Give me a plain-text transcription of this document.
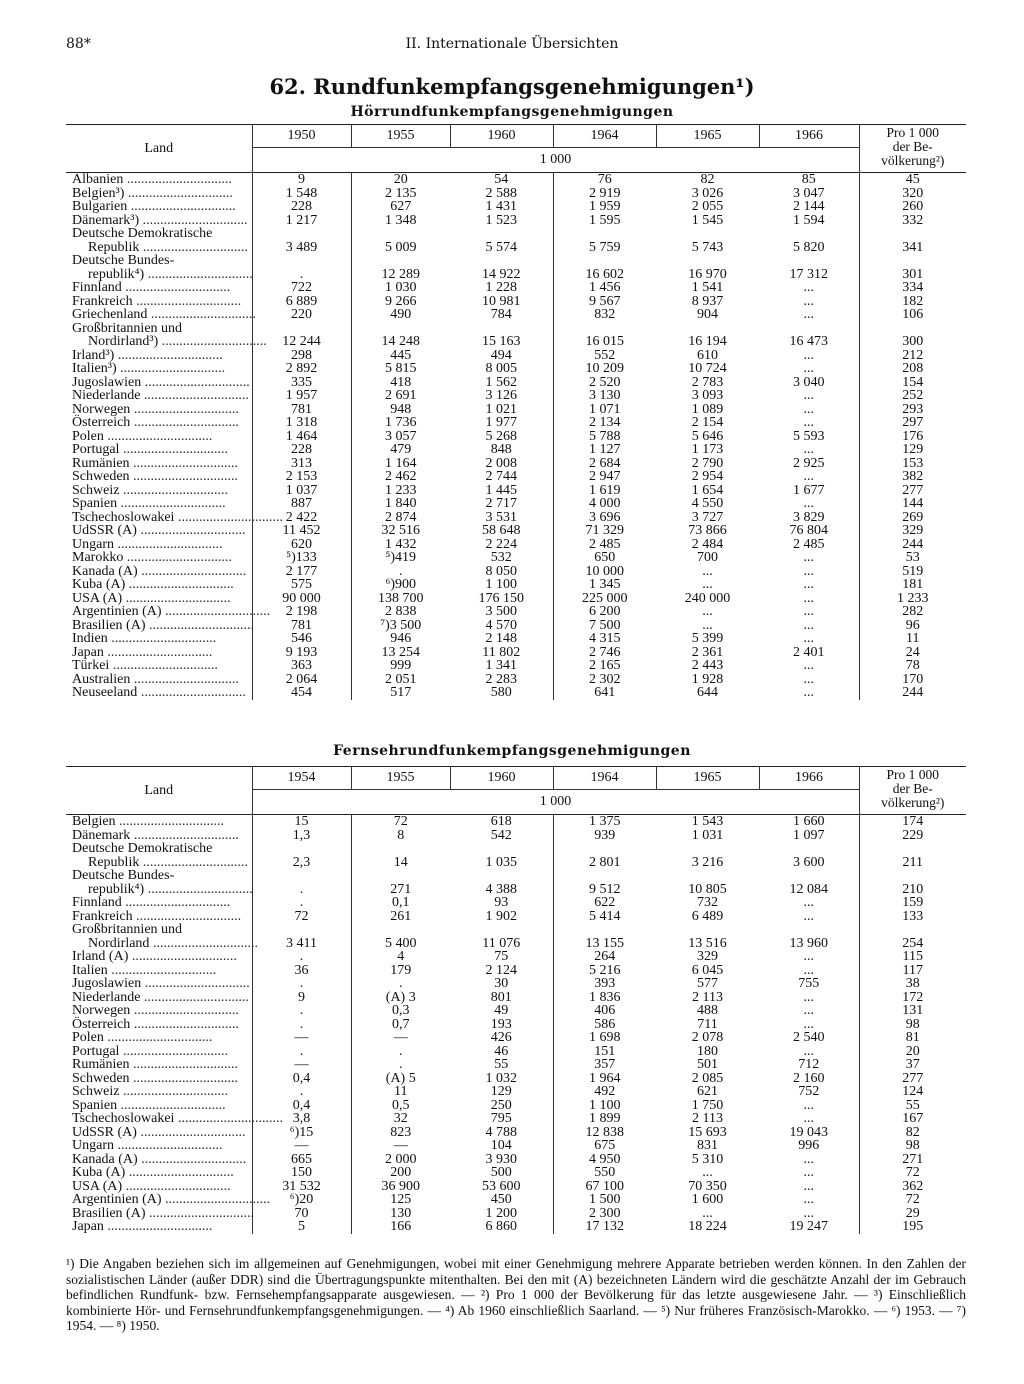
88*	II. Internationale Übersichten
62. Rundfunkempfangsgenehmigungen¹)
Hörrundfunkempfangsgenehmigungen
Land	1950	1955	1960	1964	1965	1966	Pro 1 000
der Be-
völkerung²)

	1 000						
Albanien ..............................	9	20	54	76	82	85	45
Belgien³) ..............................	1 548	2 135	2 588	2 919	3 026	3 047	320
Bulgarien ..............................	228	627	1 431	1 959	2 055	2 144	260
Dänemark³) ..............................	1 217	1 348	1 523	1 595	1 545	1 594	332
Deutsche Demokratische							
Republik ..............................	3 489	5 009	5 574	5 759	5 743	5 820	341
Deutsche Bundes-							
republik⁴) ..............................	.	12 289	14 922	16 602	16 970	17 312	301
Finnland ..............................	722	1 030	1 228	1 456	1 541	...	334
Frankreich ..............................	6 889	9 266	10 981	9 567	8 937	...	182
Griechenland ..............................	220	490	784	832	904	...	106
Großbritannien und							
Nordirland³) ..............................	12 244	14 248	15 163	16 015	16 194	16 473	300
Irland³) ..............................	298	445	494	552	610	...	212
Italien³) ..............................	2 892	5 815	8 005	10 209	10 724	...	208
Jugoslawien ..............................	335	418	1 562	2 520	2 783	3 040	154
Niederlande ..............................	1 957	2 691	3 126	3 130	3 093	...	252
Norwegen ..............................	781	948	1 021	1 071	1 089	...	293
Österreich ..............................	1 318	1 736	1 977	2 134	2 154	...	297
Polen ..............................	1 464	3 057	5 268	5 788	5 646	5 593	176
Portugal ..............................	228	479	848	1 127	1 173	...	129
Rumänien ..............................	313	1 164	2 008	2 684	2 790	2 925	153
Schweden ..............................	2 153	2 462	2 744	2 947	2 954	...	382
Schweiz ..............................	1 037	1 233	1 445	1 619	1 654	1 677	277
Spanien ..............................	887	1 840	2 717	4 000	4 550	...	144
Tschechoslowakei ..............................	2 422	2 874	3 531	3 696	3 727	3 829	269
UdSSR (A) ..............................	11 452	32 516	58 648	71 329	73 866	76 804	329
Ungarn ..............................	620	1 432	2 224	2 485	2 484	2 485	244
Marokko ..............................	⁵)133	⁵)419	532	650	700	...	53
Kanada (A) ..............................	2 177	.	8 050	10 000	...	...	519
Kuba (A) ..............................	575	⁶)900	1 100	1 345	...	...	181
USA (A) ..............................	90 000	138 700	176 150	225 000	240 000	...	1 233
Argentinien (A) ..............................	2 198	2 838	3 500	6 200	...	...	282
Brasilien (A) ..............................	781	⁷)3 500	4 570	7 500	...	...	96
Indien ..............................	546	946	2 148	4 315	5 399	...	11
Japan ..............................	9 193	13 254	11 802	2 746	2 361	2 401	24
Türkei ..............................	363	999	1 341	2 165	2 443	...	78
Australien ..............................	2 064	2 051	2 283	2 302	1 928	...	170
Neuseeland ..............................	454	517	580	641	644	...	244
Fernsehrundfunkempfangsgenehmigungen
Land	1954	1955	1960	1964	1965	1966	Pro 1 000
der Be-
völkerung²)

	1 000						
Belgien ..............................	15	72	618	1 375	1 543	1 660	174
Dänemark ..............................	1,3	8	542	939	1 031	1 097	229
Deutsche Demokratische							
Republik ..............................	2,3	14	1 035	2 801	3 216	3 600	211
Deutsche Bundes-							
republik⁴) ..............................	.	271	4 388	9 512	10 805	12 084	210
Finnland ..............................	.	0,1	93	622	732	...	159
Frankreich ..............................	72	261	1 902	5 414	6 489	...	133
Großbritannien und							
Nordirland ..............................	3 411	5 400	11 076	13 155	13 516	13 960	254
Irland (A) ..............................	.	4	75	264	329	...	115
Italien ..............................	36	179	2 124	5 216	6 045	...	117
Jugoslawien ..............................	.	.	30	393	577	755	38
Niederlande ..............................	9	(A) 3	801	1 836	2 113	...	172
Norwegen ..............................	.	0,3	49	406	488	...	131
Österreich ..............................	.	0,7	193	586	711	...	98
Polen ..............................	—	—	426	1 698	2 078	2 540	81
Portugal ..............................	.	.	46	151	180	...	20
Rumänien ..............................	—	.	55	357	501	712	37
Schweden ..............................	0,4	(A) 5	1 032	1 964	2 085	2 160	277
Schweiz ..............................	.	11	129	492	621	752	124
Spanien ..............................	0,4	0,5	250	1 100	1 750	...	55
Tschechoslowakei ..............................	3,8	32	795	1 899	2 113	...	167
UdSSR (A) ..............................	⁶)15	823	4 788	12 838	15 693	19 043	82
Ungarn ..............................	—	—	104	675	831	996	98
Kanada (A) ..............................	665	2 000	3 930	4 950	5 310	...	271
Kuba (A) ..............................	150	200	500	550	...	...	72
USA (A) ..............................	31 532	36 900	53 600	67 100	70 350	...	362
Argentinien (A) ..............................	⁶)20	125	450	1 500	1 600	...	72
Brasilien (A) ..............................	70	130	1 200	2 300	...	...	29
Japan ..............................	5	166	6 860	17 132	18 224	19 247	195
¹) Die Angaben beziehen sich im allgemeinen auf Genehmigungen, wobei mit einer Genehmigung mehrere Apparate betrieben werden können. In den Zahlen der sozialistischen Länder (außer DDR) sind die Übertragungspunkte mitenthalten. Bei den mit (A) bezeichneten Ländern wird die geschätzte Anzahl der im Gebrauch befindlichen Rundfunk- bzw. Fernsehempfangsapparate ausgewiesen. — ²) Pro 1 000 der Bevölkerung für das letzte ausgewiesene Jahr. — ³) Einschließlich kombinierte Hör- und Fernsehrundfunkempfangsgenehmigungen. — ⁴) Ab 1960 einschließlich Saarland. — ⁵) Nur früheres Französisch-Marokko. — ⁶) 1953. — ⁷) 1954. — ⁸) 1950.
